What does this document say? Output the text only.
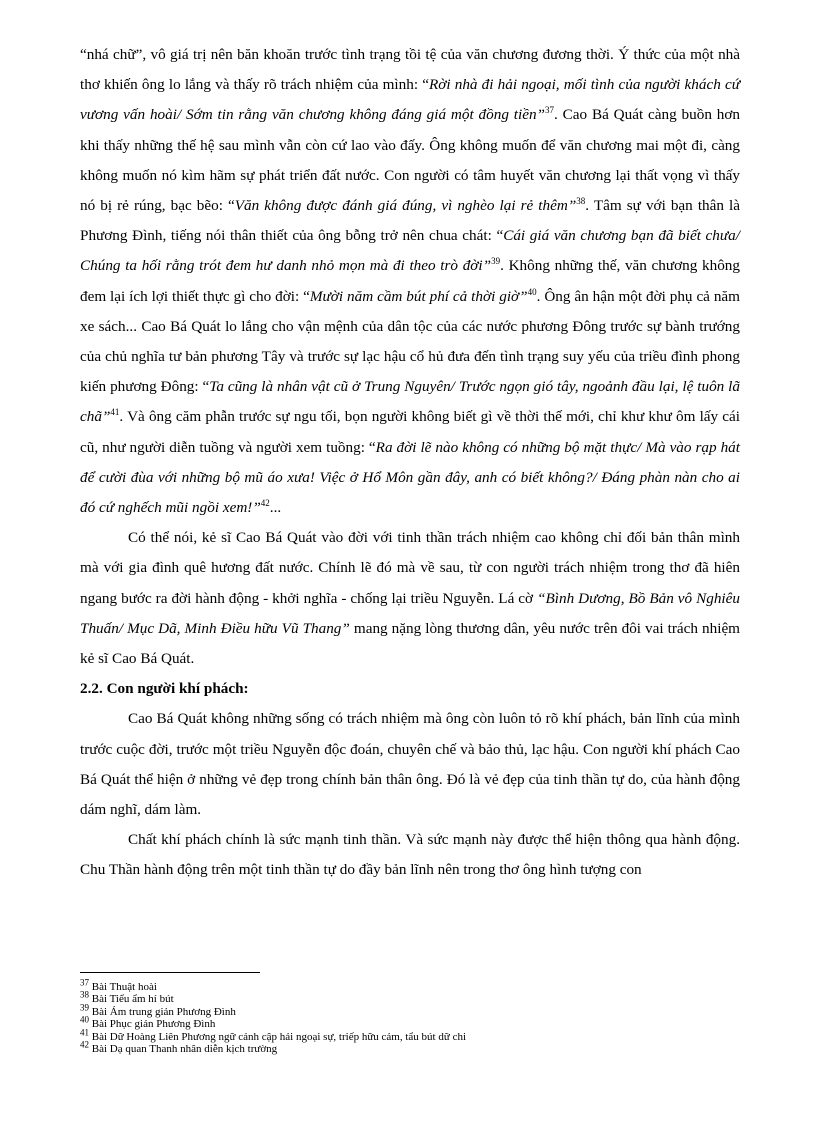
“nhá chữ”, vô giá trị nên băn khoăn trước tình trạng tồi tệ của văn chương đương thời. Ý thức của một nhà thơ khiến ông lo lắng và thấy rõ trách nhiệm của mình: “Rời nhà đi hải ngoại, mối tình của người khách cứ vương vấn hoài/ Sớm tin rằng văn chương không đáng giá một đồng tiền”$^{37}$. Cao Bá Quát càng buồn hơn khi thấy những thế hệ sau mình vẫn còn cứ lao vào đấy. Ông không muốn để văn chương mai một đi, càng không muốn nó kìm hãm sự phát triển đất nước. Con người có tâm huyết văn chương lại thất vọng vì thấy nó bị rẻ rúng, bạc bẽo: “Văn không được đánh giá đúng, vì nghèo lại rẻ thêm”$^{38}$. Tâm sự với bạn thân là Phương Đình, tiếng nói thân thiết của ông bỗng trở nên chua chát: “Cái giá văn chương bạn đã biết chưa/ Chúng ta hối rằng trót đem hư danh nhỏ mọn mà đi theo trò đời”$^{39}$. Không những thế, văn chương không đem lại ích lợi thiết thực gì cho đời: “Mười năm cầm bút phí cả thời giờ”$^{40}$. Ông ân hận một đời phụ cả năm xe sách... Cao Bá Quát lo lắng cho vận mệnh của dân tộc của các nước phương Đông trước sự bành trướng của chủ nghĩa tư bản phương Tây và trước sự lạc hậu cổ hủ đưa đến tình trạng suy yếu của triều đình phong kiến phương Đông: “Ta cũng là nhân vật cũ ở Trung Nguyên/ Trước ngọn gió tây, ngoảnh đầu lại, lệ tuôn lã chã”$^{41}$. Và ông căm phẫn trước sự ngu tối, bọn người không biết gì về thời thế mới, chỉ khư khư ôm lấy cái cũ, như người diễn tuồng và người xem tuồng: “Ra đời lẽ nào không có những bộ mặt thực/ Mà vào rạp hát để cười đùa với những bộ mũ áo xưa! Việc ở Hổ Môn gần đây, anh có biết không?/ Đáng phàn nàn cho ai đó cứ nghếch mũi ngồi xem!”$^{42}$...

Có thể nói, kẻ sĩ Cao Bá Quát vào đời với tinh thần trách nhiệm cao không chỉ đối bản thân mình mà với gia đình quê hương đất nước. Chính lẽ đó mà về sau, từ con người trách nhiệm trong thơ đã hiên ngang bước ra đời hành động - khởi nghĩa - chống lại triều Nguyễn. Lá cờ “Bình Dương, Bồ Bản vô Nghiêu Thuấn/ Mục Dã, Minh Điều hữu Vũ Thang” mang nặng lòng thương dân, yêu nước trên đôi vai trách nhiệm kẻ sĩ Cao Bá Quát.

2.2. Con người khí phách:

Cao Bá Quát không những sống có trách nhiệm mà ông còn luôn tỏ rõ khí phách, bản lĩnh của mình trước cuộc đời, trước một triều Nguyễn độc đoán, chuyên chế và bảo thủ, lạc hậu. Con người khí phách Cao Bá Quát thể hiện ở những vẻ đẹp trong chính bản thân ông. Đó là vẻ đẹp của tinh thần tự do, của hành động dám nghĩ, dám làm.

Chất khí phách chính là sức mạnh tinh thần. Và sức mạnh này được thể hiện thông qua hành động. Chu Thần hành động trên một tinh thần tự do đầy bản lĩnh nên trong thơ ông hình tượng con

$^{37}$ Bài Thuật hoài

$^{38}$ Bài Tiểu ẩm hí bút

$^{39}$ Bài Ám trung giản Phương Đình

$^{40}$ Bài Phục giản Phương Đình

$^{41}$ Bài Dữ Hoàng Liên Phương ngữ cảnh cập hải ngoại sự, triếp hữu cảm, tẩu bút dữ chi

$^{42}$ Bài Dạ quan Thanh nhân diễn kịch trường
